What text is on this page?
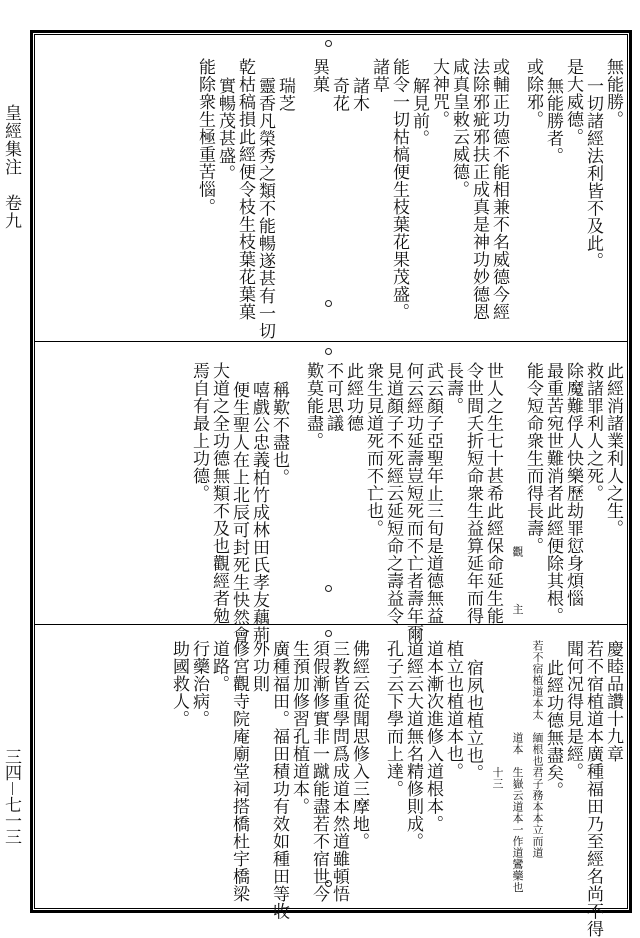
皇經集注　卷九
三四－七一三
無能勝。
一切諸經法利皆不及此。
是大威德。
無能勝者。
或除邪。
或輔正功德不能相兼不名威德今經
法除邪疵邪扶正成真是神功妙德恩
咸真皇敕云威德。
大神咒。
解見前。
能令一切枯槁便生枝葉花果茂盛。
諸草
諸木
奇花
異菓
瑞芝
靈香凡榮秀之類不能暢遂甚有一切
乾枯稿損此經便令枝生枝葉花葉菓
實暢茂甚盛。
能除衆生極重苦惱。
此經消諸業利人之生。
救諸罪利人之死。
除魔難俘人快樂歷劫罪愆身煩惱
最重苦宛世難消者此經便除其根。
能令短命衆生而得長壽。
　　　　　　　　　　　　　　　　觀　　　　主
世人之生七十甚希此經保命延生能
令世間夭折短命衆生益算延年而得
長壽。
武云顏子亞聖年止三旬是道德無益
何云經功延壽豈短死而不亡者壽年爾
見道顏子不死經云延短命之壽益令
衆生見道死而不亡也。
此經功德
不可思議
歎莫能盡。
稱歎不盡也。
嘻戲公忠義柏竹成林田氏孝友藕荊
便生聖人在上北辰可封死生快然會
大道之全功德無類不及也觀經者勉
焉自有最上功德。
慶睦品讚十九章
若不宿植道本廣種福田乃至經名尚不得
聞何况得見是經。
此經功德無盡矣。
若不宿植道本太　緬根也君子務本本立而道
　　　　　　　　道本　生嶽云道本一作道鸞藥也
　　　　　　　　　　　十三
宿夙也植立也。
植立也植道本也。
道本漸次進修入道根本。
道經云大道無名精修則成。
孔子云下學而上達。
佛經云從聞思修入三摩地。
三教皆重學問爲成道本然道雖頓悟
須假漸修實非一蹴能盡若不宿世今
生預加修習孔植道本。
廣種福田。福田積功有效如種田等收
外功則
修宮觀寺院庵廟堂祠搭橋杜宇橋梁
道路。
行藥治病。
助國救人。
